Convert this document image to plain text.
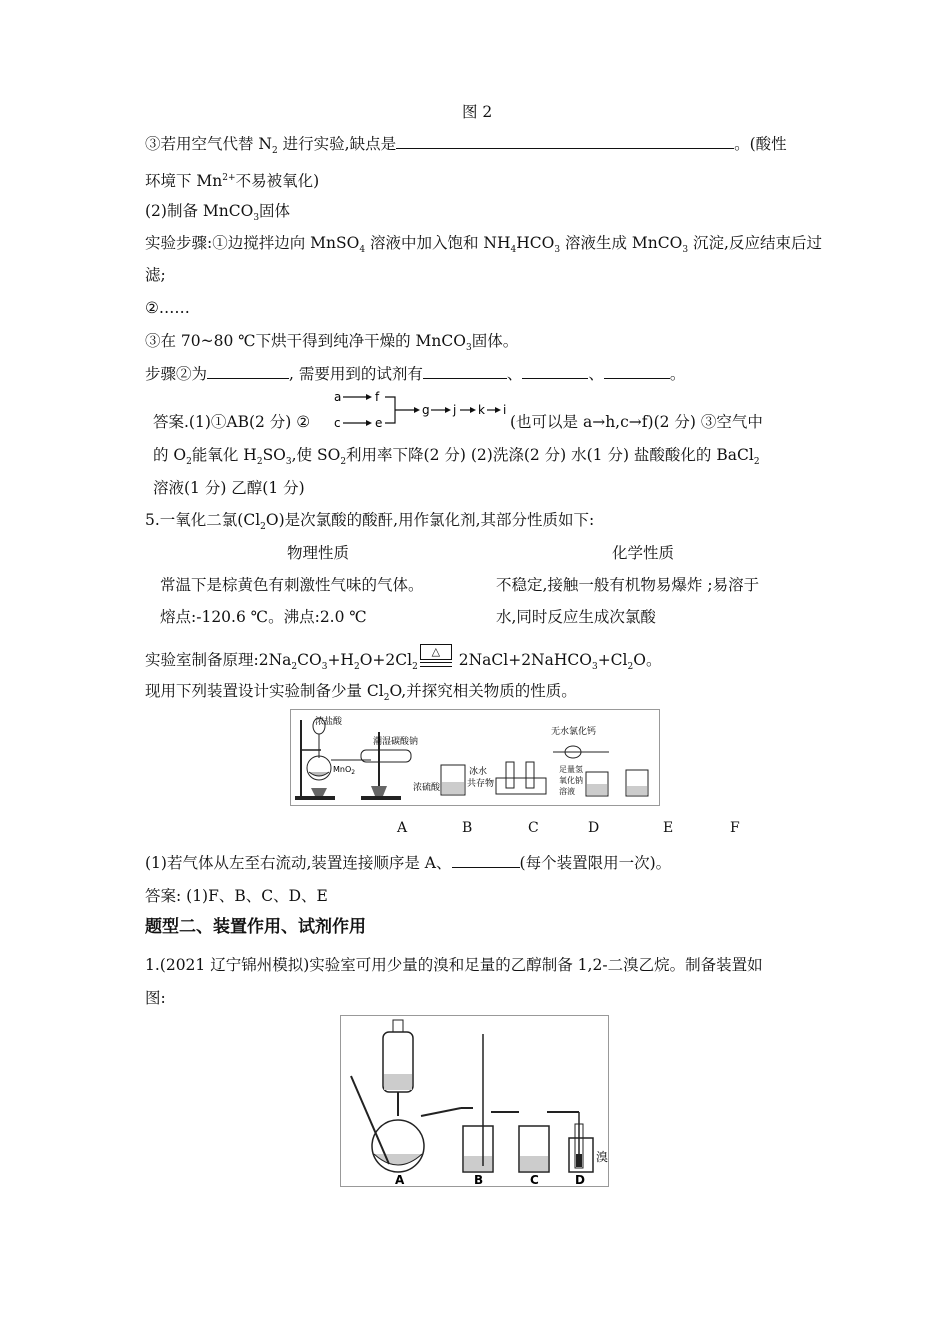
图 2
③若用空气代替 $N_2$ 进行实验,缺点是	。(酸性
环境下 $Mn^{2+}$不易被氧化)
(2)制备 MnCO$_3$固体
实验步骤:①边搅拌边向 MnSO$_4$ 溶液中加入饱和 $NH_4HCO_3$ 溶液生成 MnCO$_3$ 沉淀,反应结束后过
滤;
②……
③在 70~80 ℃下烘干得到纯净干燥的 MnCO$_3$固体。
步骤②为	, 需要用到的试剂有	、	、	。
答案.(1)①AB(2 分) ②
a	f
c	e
g j k i
(也可以是 a→h,c→f)(2 分) ③空气中
的 $O_2$能氧化 $H_2SO_3$,使 $SO_2$利用率下降(2 分) (2)洗涤(2 分) 水(1 分) 盐酸酸化的 BaCl$_2$
溶液(1 分) 乙醇(1 分)
5.一氧化二氯$(Cl_2O)$是次氯酸的酸酐,用作氯化剂,其部分性质如下:
物理性质	化学性质
常温下是棕黄色有刺激性气味的气体。	不稳定,接触一般有机物易爆炸 ;易溶于
熔点:-120.6 ℃。沸点:2.0 ℃	水,同时反应生成次氯酸
实验室制备原理$:2Na_2CO_3+H_2O+2Cl_2$
△ $2NaCl+2NaHCO_3+Cl_2O$。
现用下列装置设计实验制备少量 $Cl_2O$,并探究相关物质的性质。
浓盐酸
MnO$_2$
潮湿碳酸钠
浓硫酸
冰水
共存物
无水氯化钙
足量氢
氧化钠
溶液
A	B	C	D	E	F
(1)若气体从左至右流动,装置连接顺序是 A、	(每个装置限用一次)。
答案: (1)F、B、C、D、E
题型二、装置作用、试剂作用
1.(2021 辽宁锦州模拟)实验室可用少量的溴和足量的乙醇制备 1,2-二溴乙烷。制备装置如
图:
溴
A	B	C	D
